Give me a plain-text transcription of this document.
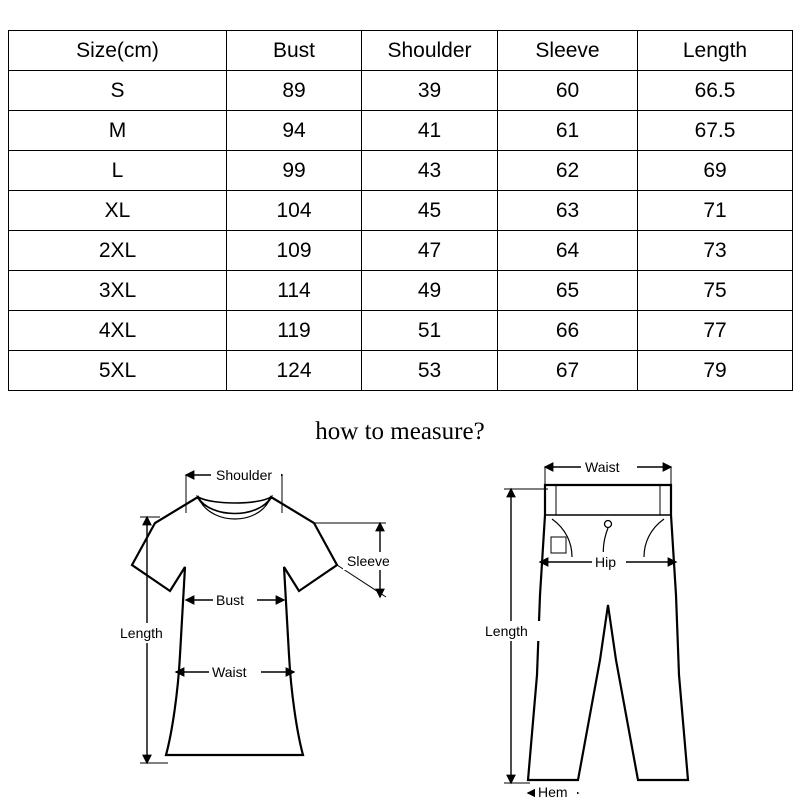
Size(cm)	Bust	Shoulder	Sleeve	Length
S	89	39	60	66.5
M	94	41	61	67.5
L	99	43	62	69
XL	104	45	63	71
2XL	109	47	64	73
3XL	114	49	65	75
4XL	119	51	66	77
5XL	124	53	67	79
how to measure?
Shoulder
Sleeve
Bust
Waist
Length
Waist
Hip
Length
Hem
